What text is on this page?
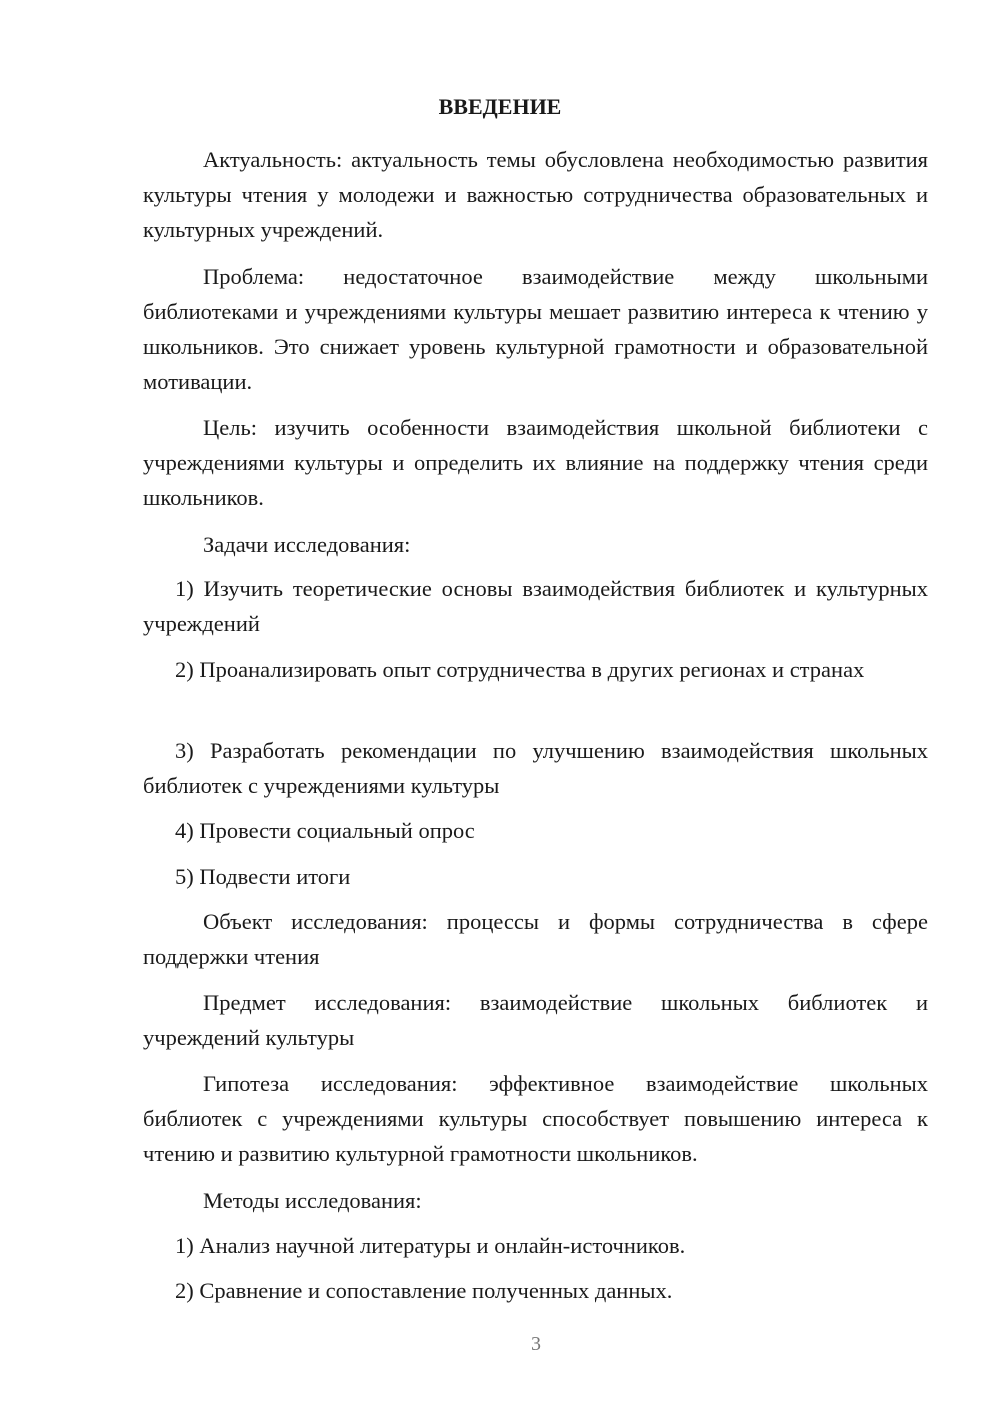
ВВЕДЕНИЕ

Актуальность: актуальность темы обусловлена необходимостью развития культуры чтения у молодежи и важностью сотрудничества образовательных и культурных учреждений.

Проблема: недостаточное взаимодействие между школьными библиотеками и учреждениями культуры мешает развитию интереса к чтению у школьников. Это снижает уровень культурной грамотности и образовательной мотивации.

Цель: изучить особенности взаимодействия школьной библиотеки с учреждениями культуры и определить их влияние на поддержку чтения среди школьников.

Задачи исследования:

1) Изучить теоретические основы взаимодействия библиотек и культурных учреждений

2) Проанализировать опыт сотрудничества в других регионах и странах

3) Разработать рекомендации по улучшению взаимодействия школьных библиотек с учреждениями культуры

4) Провести социальный опрос

5) Подвести итоги

Объект исследования: процессы и формы сотрудничества в сфере поддержки чтения

Предмет исследования: взаимодействие школьных библиотек и учреждений культуры

Гипотеза исследования: эффективное взаимодействие школьных библиотек с учреждениями культуры способствует повышению интереса к чтению и развитию культурной грамотности школьников.

Методы исследования:

1) Анализ научной литературы и онлайн-источников.

2) Сравнение и сопоставление полученных данных.

3
